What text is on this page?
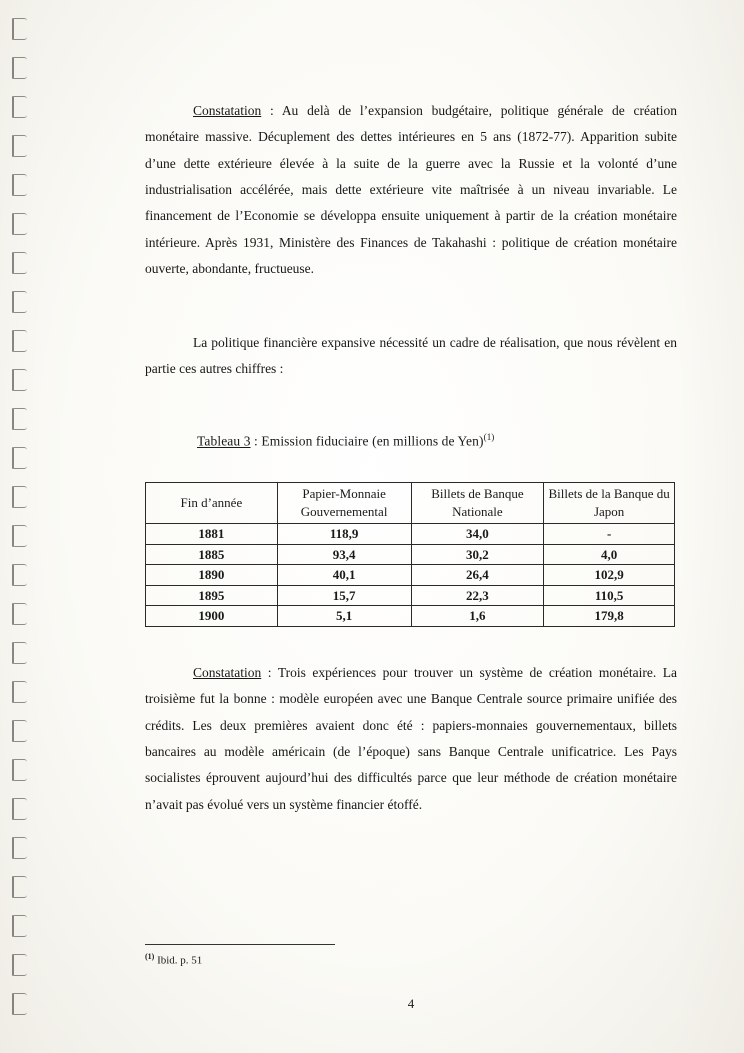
Constatation : Au delà de l’expansion budgétaire, politique générale de création monétaire massive. Décuplement des dettes intérieures en 5 ans (1872-77). Apparition subite d’une dette extérieure élevée à la suite de la guerre avec la Russie et la volonté d’une industrialisation accélérée, mais dette extérieure vite maîtrisée à un niveau invariable. Le financement de l’Economie se développa ensuite uniquement à partir de la création monétaire intérieure. Après 1931, Ministère des Finances de Takahashi : politique de création monétaire ouverte, abondante, fructueuse.

La politique financière expansive nécessité un cadre de réalisation, que nous révèlent en partie ces autres chiffres :

Tableau 3 : Emission fiduciaire (en millions de Yen)$^{(1)}$
Fin d’année	Papier-Monnaie Gouvernemental	Billets de Banque Nationale	Billets de la Banque du Japon
1881	118,9	34,0	-
1885	93,4	30,2	4,0
1890	40,1	26,4	102,9
1895	15,7	22,3	110,5
1900	5,1	1,6	179,8

Constatation : Trois expériences pour trouver un système de création monétaire. La troisième fut la bonne : modèle européen avec une Banque Centrale source primaire unifiée des crédits. Les deux premières avaient donc été : papiers-monnaies gouvernementaux, billets bancaires au modèle américain (de l’époque) sans Banque Centrale unificatrice. Les Pays socialistes éprouvent aujourd’hui des difficultés parce que leur méthode de création monétaire n’avait pas évolué vers un système financier étoffé.

$^{(1)}$ Ibid. p. 51
4
